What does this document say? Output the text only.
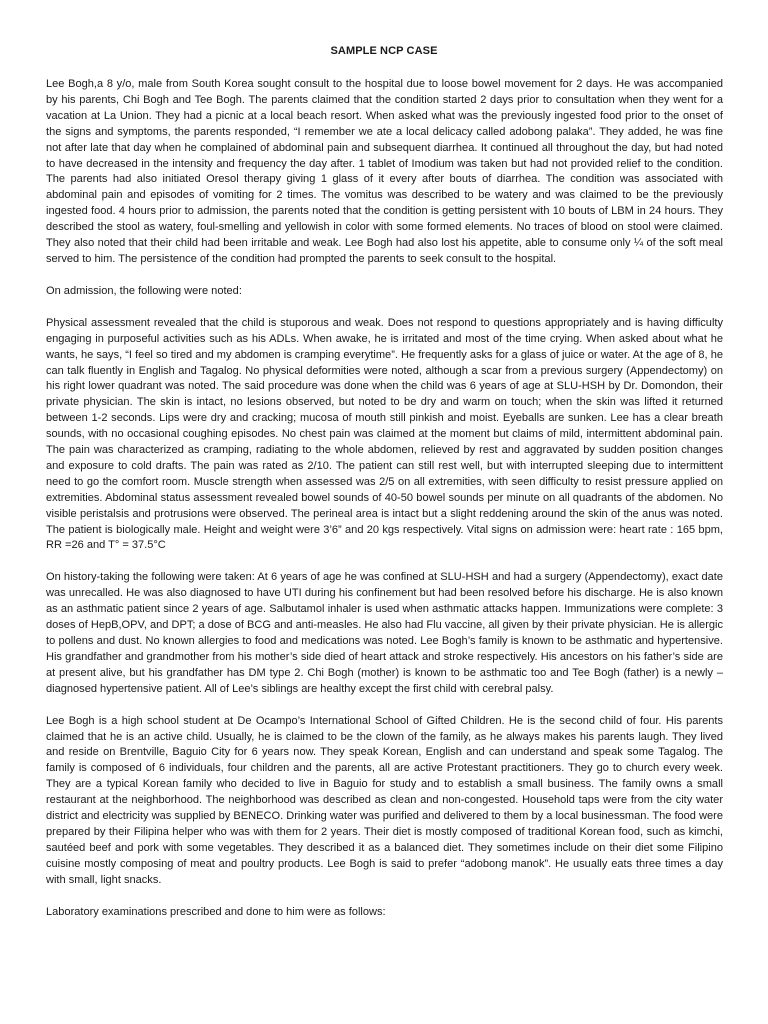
SAMPLE NCP CASE

Lee Bogh,a 8 y/o, male from South Korea sought consult to the hospital due to loose bowel movement for 2 days. He was accompanied by his parents, Chi Bogh and Tee Bogh. The parents claimed that the condition started 2 days prior to consultation when they went for a vacation at La Union. They had a picnic at a local beach resort. When asked what was the previously ingested food prior to the onset of the signs and symptoms, the parents responded, “I remember we ate a local delicacy called adobong palaka”. They added, he was fine not after late that day when he complained of abdominal pain and subsequent diarrhea. It continued all throughout the day, but had noted to have decreased in the intensity and frequency the day after. 1 tablet of Imodium was taken but had not provided relief to the condition. The parents had also initiated Oresol therapy giving 1 glass of it every after bouts of diarrhea. The condition was associated with abdominal pain and episodes of vomiting for 2 times. The vomitus was described to be watery and was claimed to be the previously ingested food. 4 hours prior to admission, the parents noted that the condition is getting persistent with 10 bouts of LBM in 24 hours. They described the stool as watery, foul-smelling and yellowish in color with some formed elements. No traces of blood on stool were claimed. They also noted that their child had been irritable and weak. Lee Bogh had also lost his appetite, able to consume only ¼ of the soft meal served to him. The persistence of the condition had prompted the parents to seek consult to the hospital.

On admission, the following were noted:

Physical assessment revealed that the child is stuporous and weak. Does not respond to questions appropriately and is having difficulty engaging in purposeful activities such as his ADLs. When awake, he is irritated and most of the time crying. When asked about what he wants, he says, “I feel so tired and my abdomen is cramping everytime”. He frequently asks for a glass of juice or water. At the age of 8, he can talk fluently in English and Tagalog. No physical deformities were noted, although a scar from a previous surgery (Appendectomy) on his right lower quadrant was noted. The said procedure was done when the child was 6 years of age at SLU-HSH by Dr. Domondon, their private physician. The skin is intact, no lesions observed, but noted to be dry and warm on touch; when the skin was lifted it returned between 1-2 seconds. Lips were dry and cracking; mucosa of mouth still pinkish and moist. Eyeballs are sunken. Lee has a clear breath sounds, with no occasional coughing episodes. No chest pain was claimed at the moment but claims of mild, intermittent abdominal pain. The pain was characterized as cramping, radiating to the whole abdomen, relieved by rest and aggravated by sudden position changes and exposure to cold drafts. The pain was rated as 2/10. The patient can still rest well, but with interrupted sleeping due to intermittent need to go the comfort room. Muscle strength when assessed was 2/5 on all extremities, with seen difficulty to resist pressure applied on extremities. Abdominal status assessment revealed bowel sounds of 40-50 bowel sounds per minute on all quadrants of the abdomen. No visible peristalsis and protrusions were observed. The perineal area is intact but a slight reddening around the skin of the anus was noted. The patient is biologically male. Height and weight were 3’6” and 20 kgs respectively. Vital signs on admission were: heart rate : 165 bpm, RR =26 and T° = 37.5°C

On history-taking the following were taken: At 6 years of age he was confined at SLU-HSH and had a surgery (Appendectomy), exact date was unrecalled. He was also diagnosed to have UTI during his confinement but had been resolved before his discharge. He is also known as an asthmatic patient since 2 years of age. Salbutamol inhaler is used when asthmatic attacks happen. Immunizations were complete: 3 doses of HepB,OPV, and DPT; a dose of BCG and anti-measles. He also had Flu vaccine, all given by their private physician. He is allergic to pollens and dust. No known allergies to food and medications was noted. Lee Bogh’s family is known to be asthmatic and hypertensive. His grandfather and grandmother from his mother’s side died of heart attack and stroke respectively. His ancestors on his father’s side are at present alive, but his grandfather has DM type 2. Chi Bogh (mother) is known to be asthmatic too and Tee Bogh (father) is a newly –diagnosed hypertensive patient. All of Lee’s siblings are healthy except the first child with cerebral palsy.

Lee Bogh is a high school student at De Ocampo’s International School of Gifted Children. He is the second child of four. His parents claimed that he is an active child. Usually, he is claimed to be the clown of the family, as he always makes his parents laugh. They lived and reside on Brentville, Baguio City for 6 years now. They speak Korean, English and can understand and speak some Tagalog. The family is composed of 6 individuals, four children and the parents, all are active Protestant practitioners. They go to church every week. They are a typical Korean family who decided to live in Baguio for study and to establish a small business. The family owns a small restaurant at the neighborhood. The neighborhood was described as clean and non-congested. Household taps were from the city water district and electricity was supplied by BENECO. Drinking water was purified and delivered to them by a local businessman. The food were prepared by their Filipina helper who was with them for 2 years. Their diet is mostly composed of traditional Korean food, such as kimchi, sautéed beef and pork with some vegetables. They described it as a balanced diet. They sometimes include on their diet some Filipino cuisine mostly composing of meat and poultry products. Lee Bogh is said to prefer “adobong manok”. He usually eats three times a day with small, light snacks.

Laboratory examinations prescribed and done to him were as follows:
